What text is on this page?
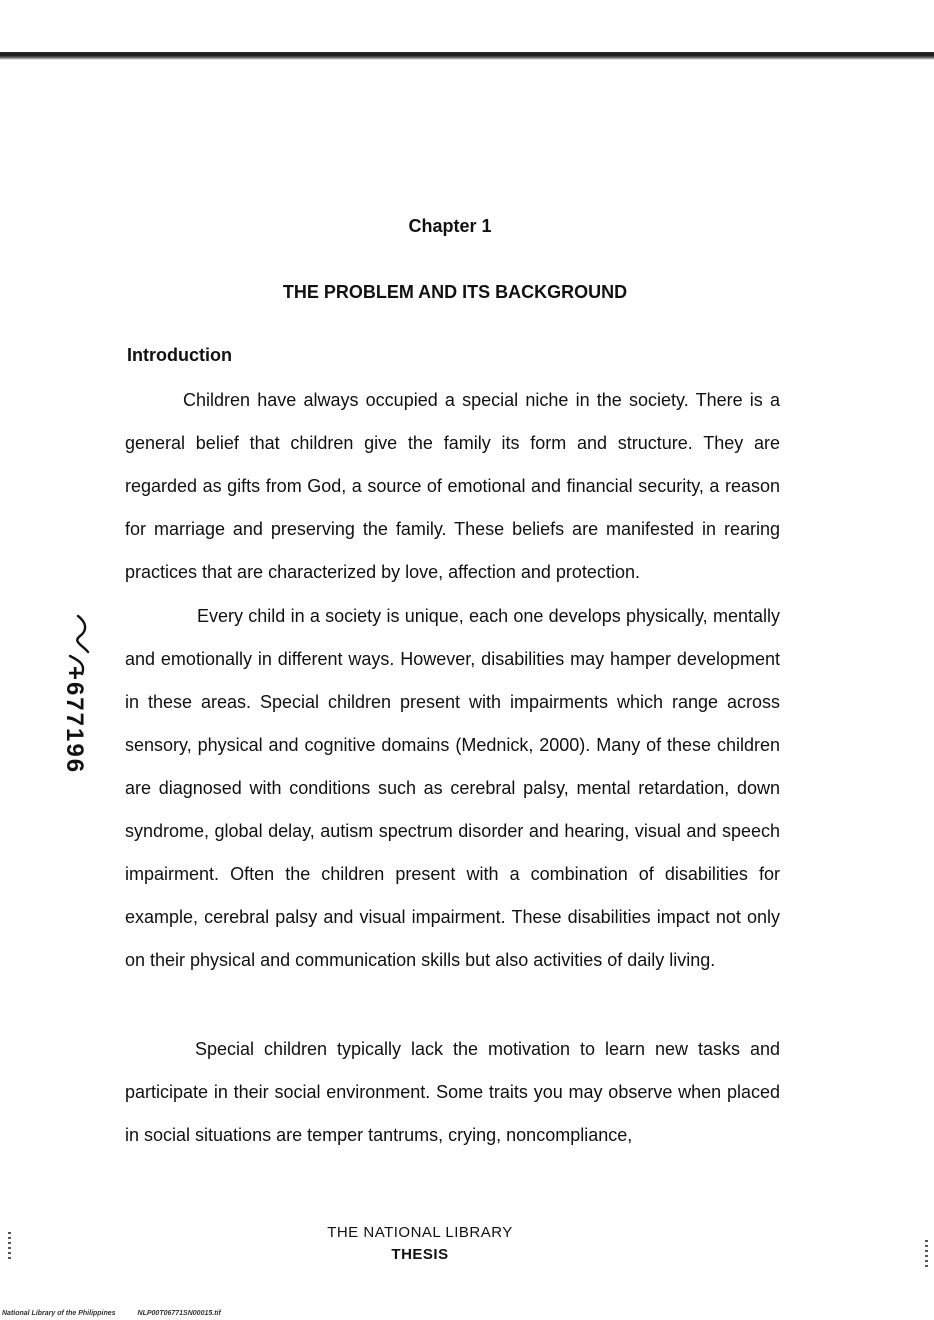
Chapter 1
THE PROBLEM AND ITS BACKGROUND
Introduction

Children have always occupied a special niche in the society. There is a general belief that children give the family its form and structure. They are regarded as gifts from God, a source of emotional and financial security, a reason for marriage and preserving the family. These beliefs are manifested in rearing practices that are characterized by love, affection and protection.

Every child in a society is unique, each one develops physically, mentally and emotionally in different ways. However, disabilities may hamper development in these areas. Special children present with impairments which range across sensory, physical and cognitive domains (Mednick, 2000). Many of these children are diagnosed with conditions such as cerebral palsy, mental retardation, down syndrome, global delay, autism spectrum disorder and hearing, visual and speech impairment. Often the children present with a combination of disabilities for example, cerebral palsy and visual impairment. These disabilities impact not only on their physical and communication skills but also activities of daily living.

Special children typically lack the motivation to learn new tasks and participate in their social environment. Some traits you may observe when placed in social situations are temper tantrums, crying, noncompliance,

+677196
THE NATIONAL LIBRARY
THESIS
National Library of the Philippines	NLP00T06771SN00015.tif
